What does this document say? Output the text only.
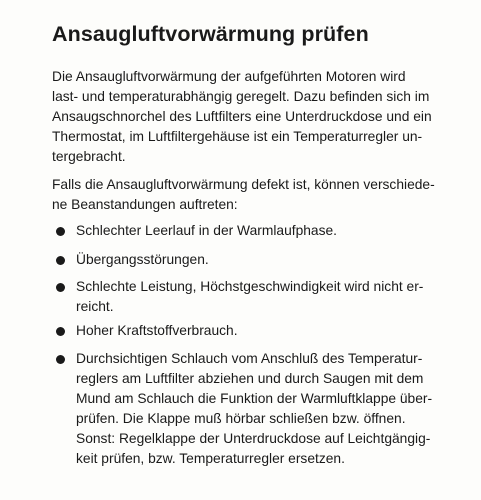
Ansaugluftvorwärmung prüfen
Die Ansaugluftvorwärmung der aufgeführten Motoren wird
last- und temperaturabhängig geregelt. Dazu befinden sich im
Ansaugschnorchel des Luftfilters eine Unterdruckdose und ein
Thermostat, im Luftfiltergehäuse ist ein Temperaturregler un-
tergebracht.
Falls die Ansaugluftvorwärmung defekt ist, können verschiede-
ne Beanstandungen auftreten:
Schlechter Leerlauf in der Warmlaufphase.
Übergangsstörungen.
Schlechte Leistung, Höchstgeschwindigkeit wird nicht er-
reicht.
Hoher Kraftstoffverbrauch.
Durchsichtigen Schlauch vom Anschluß des Temperatur-
reglers am Luftfilter abziehen und durch Saugen mit dem
Mund am Schlauch die Funktion der Warmluftklappe über-
prüfen. Die Klappe muß hörbar schließen bzw. öffnen.
Sonst: Regelklappe der Unterdruckdose auf Leichtgängig-
keit prüfen, bzw. Temperaturregler ersetzen.
